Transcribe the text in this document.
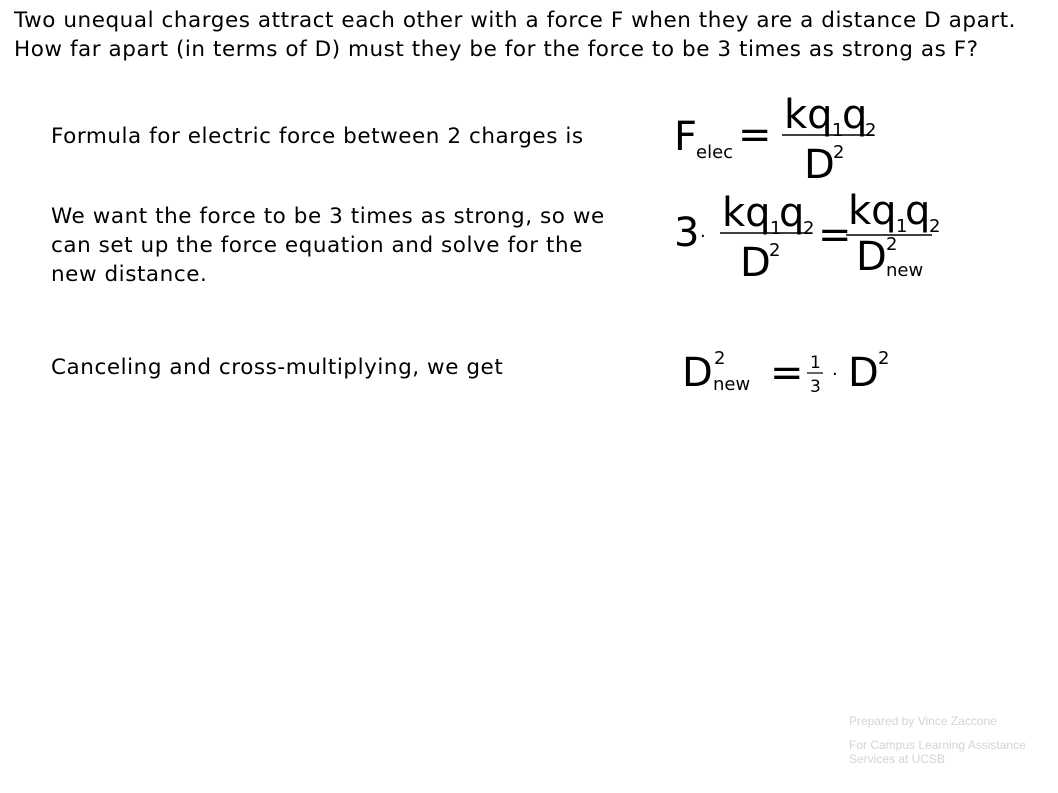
Two unequal charges attract each other with a force F when they are a distance D apart. How far apart (in terms of D) must they be for the force to be 3 times as strong as F?

Formula for electric force between 2 charges is

We want the force to be 3 times as strong, so we can set up the force equation and solve for the new distance.

Canceling and cross-multiplying, we get

F
elec = kq 1
q
2
D
2
3 ·
kq 1
q
2
D
2 =
kq 1
q
2
D 2
new
D 2
new = 1
3
· D 2

Prepared by Vince Zaccone

For Campus Learning Assistance Services at UCSB
